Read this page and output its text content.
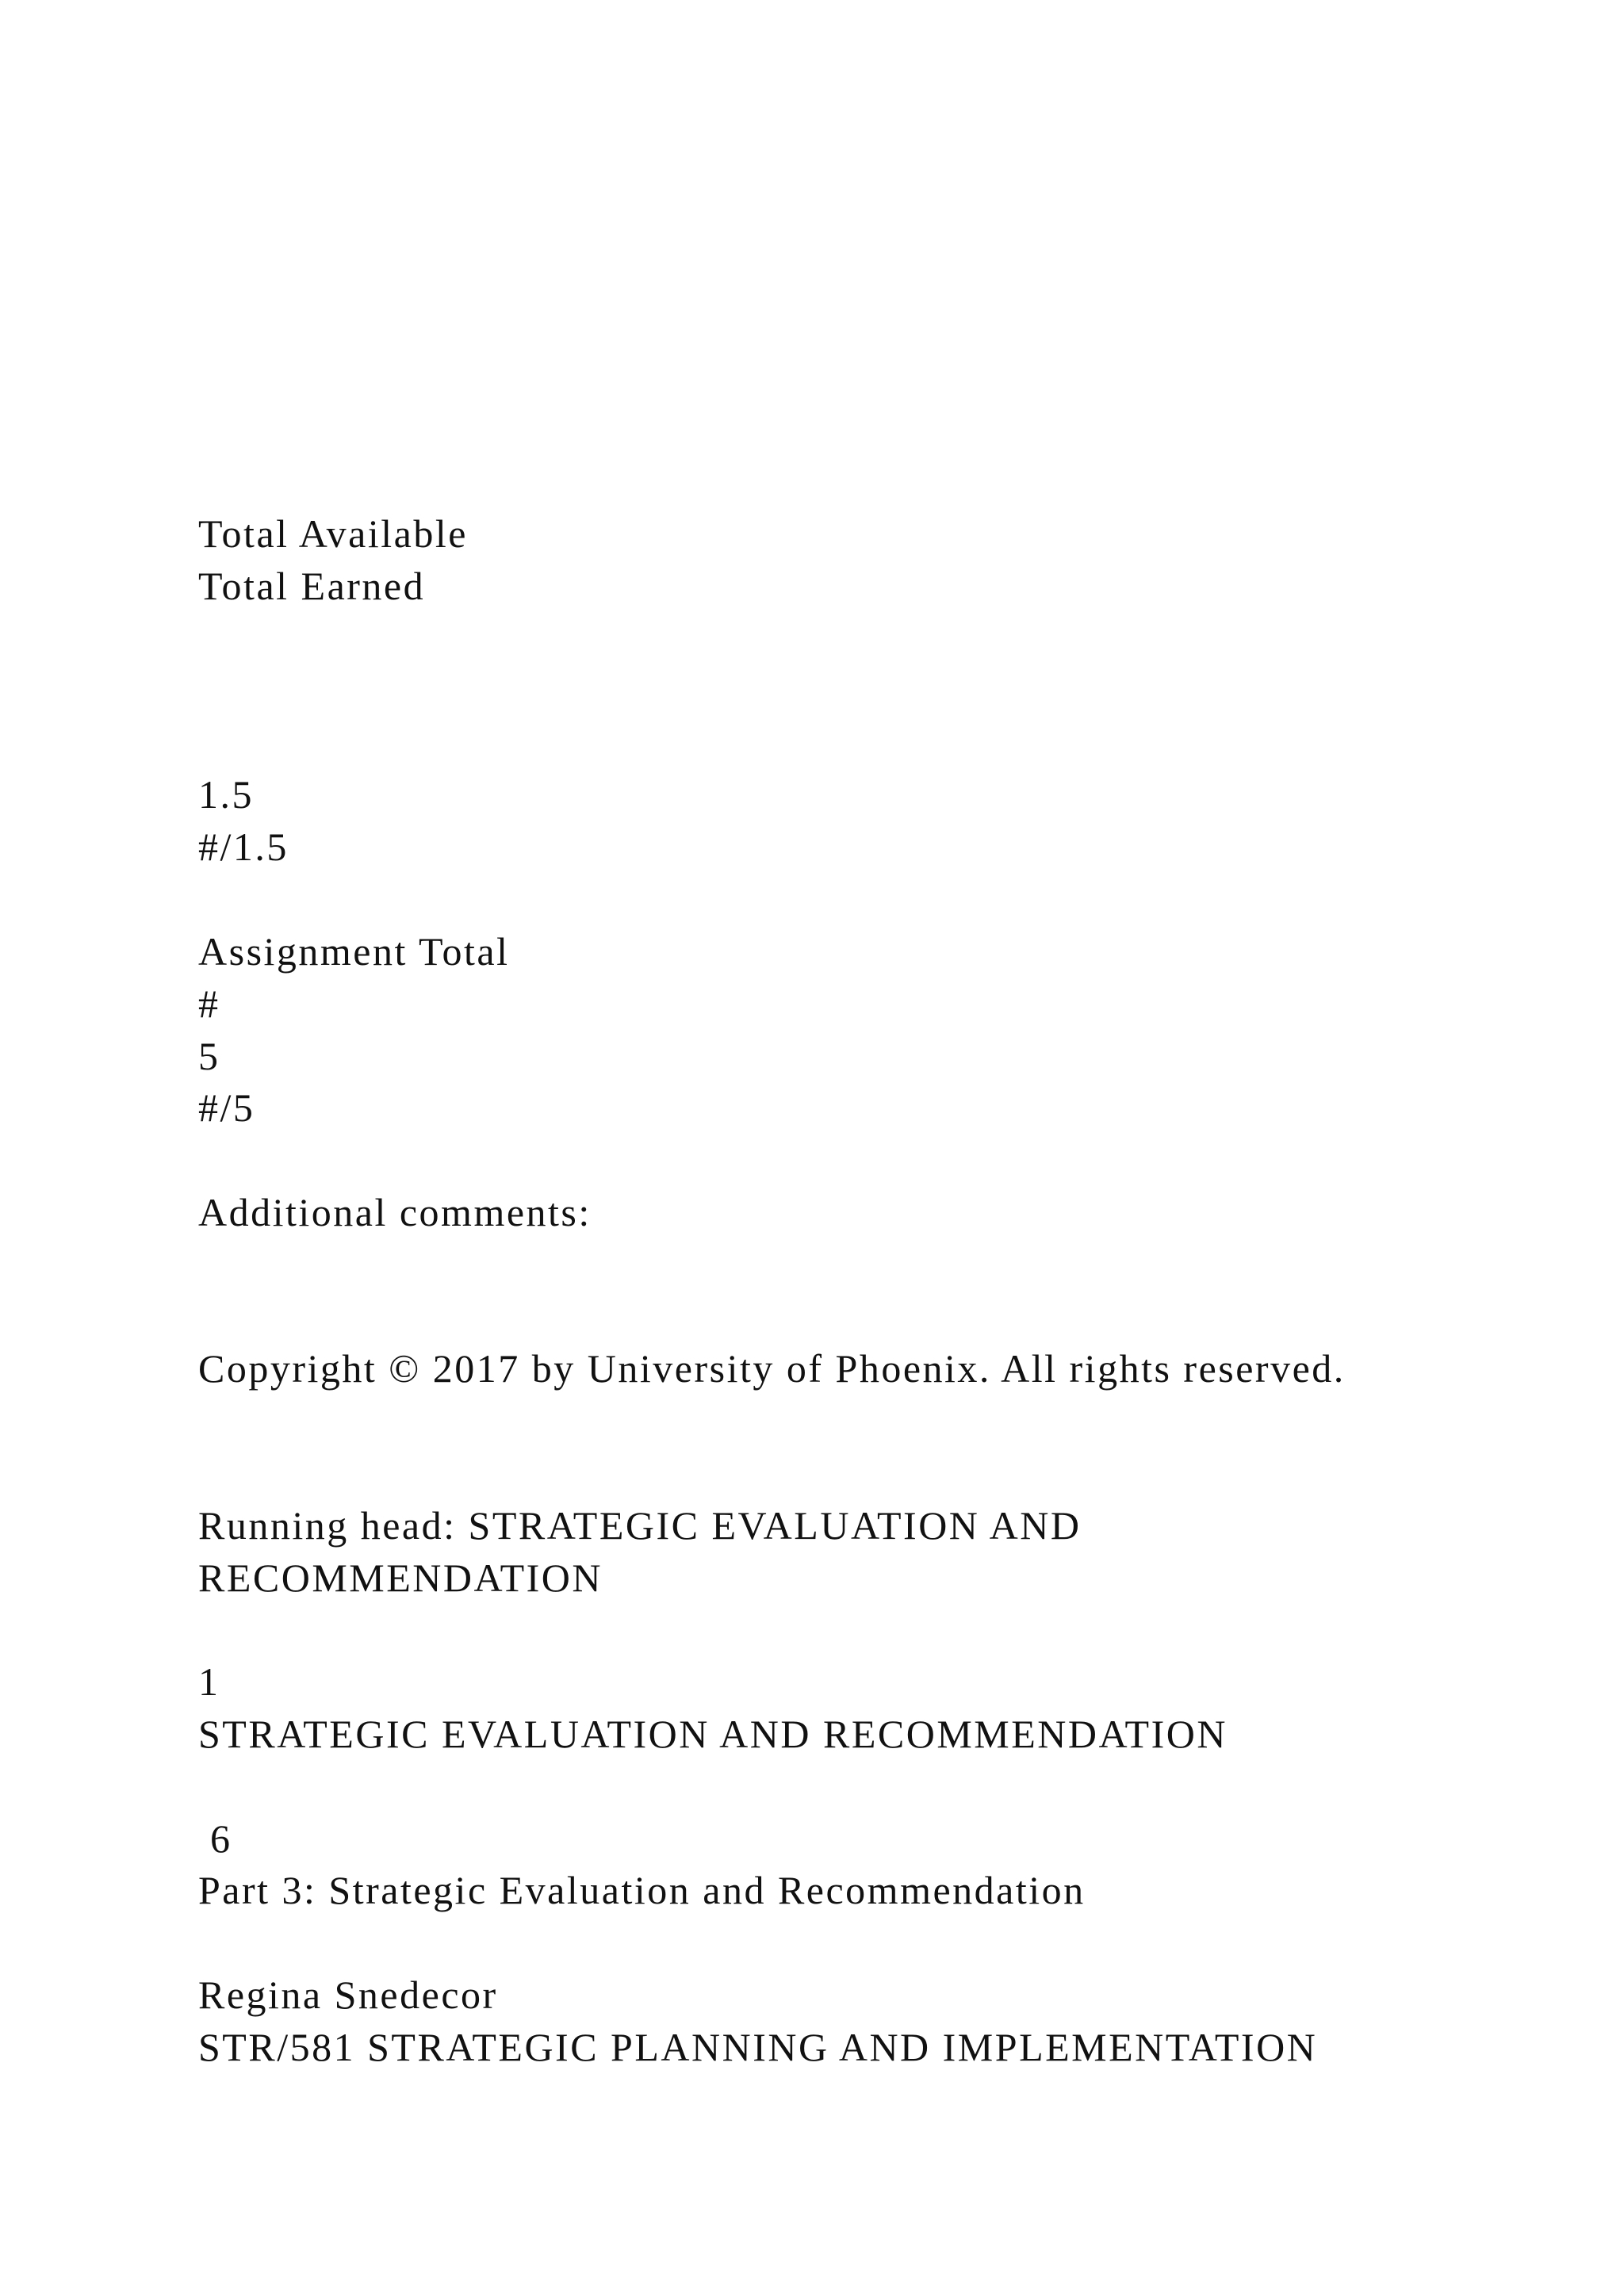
Total Available

Total Earned

1.5

#/1.5

Assignment Total

#

5

#/5

Additional comments:

Copyright © 2017 by University of Phoenix. All rights reserved.

Running head: STRATEGIC EVALUATION AND

RECOMMENDATION

1

STRATEGIC EVALUATION AND RECOMMENDATION

6

Part 3: Strategic Evaluation and Recommendation

Regina Snedecor

STR/581 STRATEGIC PLANNING AND IMPLEMENTATION
